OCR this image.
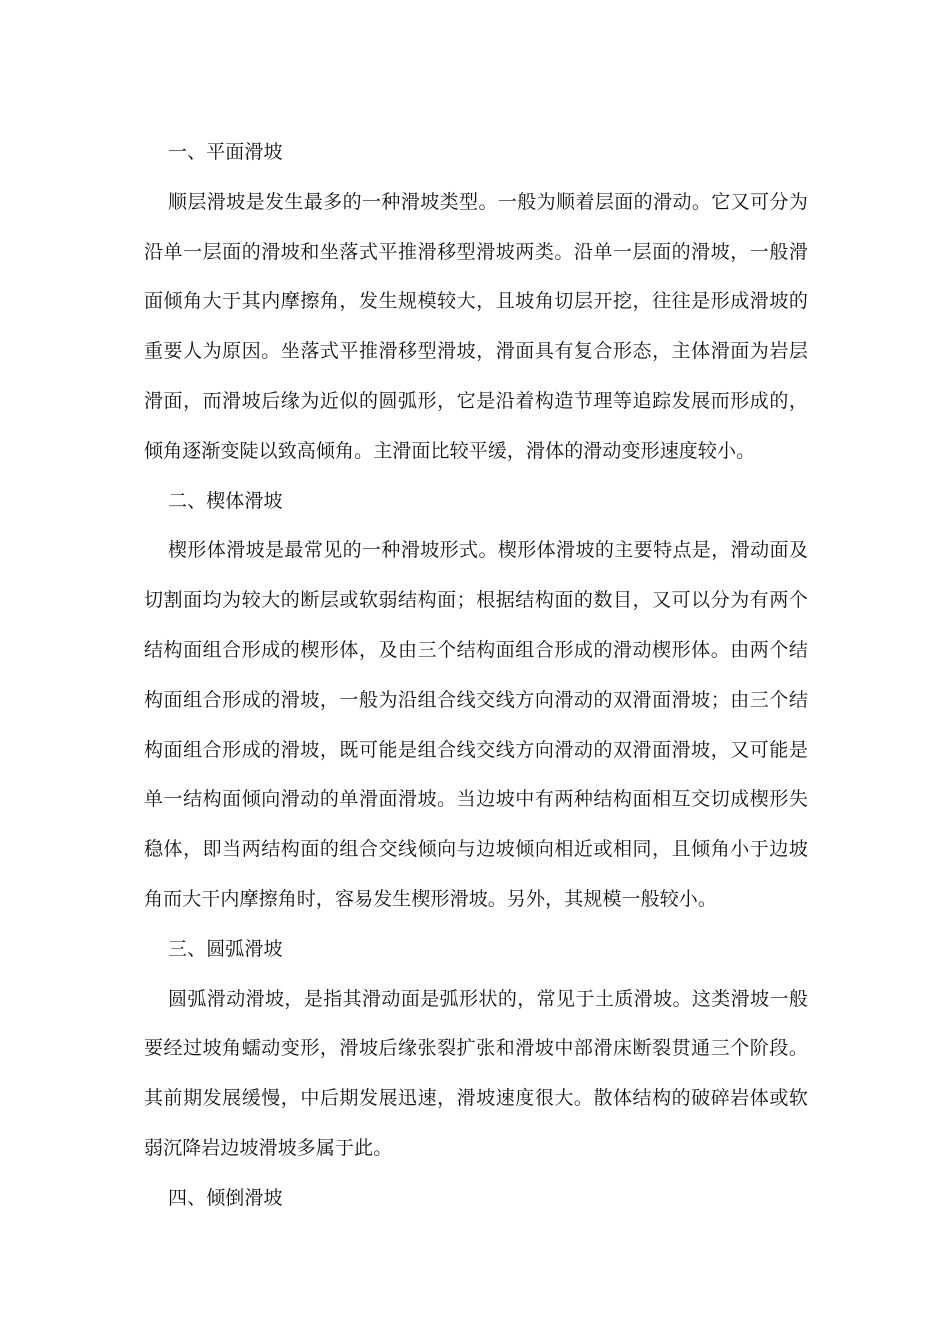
一、平面滑坡

顺层滑坡是发生最多的一种滑坡类型。一般为顺着层面的滑动。它又可分为沿单一层面的滑坡和坐落式平推滑移型滑坡两类。沿单一层面的滑坡，一般滑面倾角大于其内摩擦角，发生规模较大，且坡角切层开挖，往往是形成滑坡的重要人为原因。坐落式平推滑移型滑坡，滑面具有复合形态，主体滑面为岩层滑面，而滑坡后缘为近似的圆弧形，它是沿着构造节理等追踪发展而形成的，倾角逐渐变陡以致高倾角。主滑面比较平缓，滑体的滑动变形速度较小。

二、楔体滑坡

楔形体滑坡是最常见的一种滑坡形式。楔形体滑坡的主要特点是，滑动面及切割面均为较大的断层或软弱结构面；根据结构面的数目，又可以分为有两个结构面组合形成的楔形体，及由三个结构面组合形成的滑动楔形体。由两个结构面组合形成的滑坡，一般为沿组合线交线方向滑动的双滑面滑坡；由三个结构面组合形成的滑坡，既可能是组合线交线方向滑动的双滑面滑坡，又可能是单一结构面倾向滑动的单滑面滑坡。当边坡中有两种结构面相互交切成楔形失稳体，即当两结构面的组合交线倾向与边坡倾向相近或相同，且倾角小于边坡角而大干内摩擦角时，容易发生楔形滑坡。另外，其规模一般较小。

三、圆弧滑坡

圆弧滑动滑坡，是指其滑动面是弧形状的，常见于土质滑坡。这类滑坡一般要经过坡角蠕动变形，滑坡后缘张裂扩张和滑坡中部滑床断裂贯通三个阶段。其前期发展缓慢，中后期发展迅速，滑坡速度很大。散体结构的破碎岩体或软弱沉降岩边坡滑坡多属于此。

四、倾倒滑坡
